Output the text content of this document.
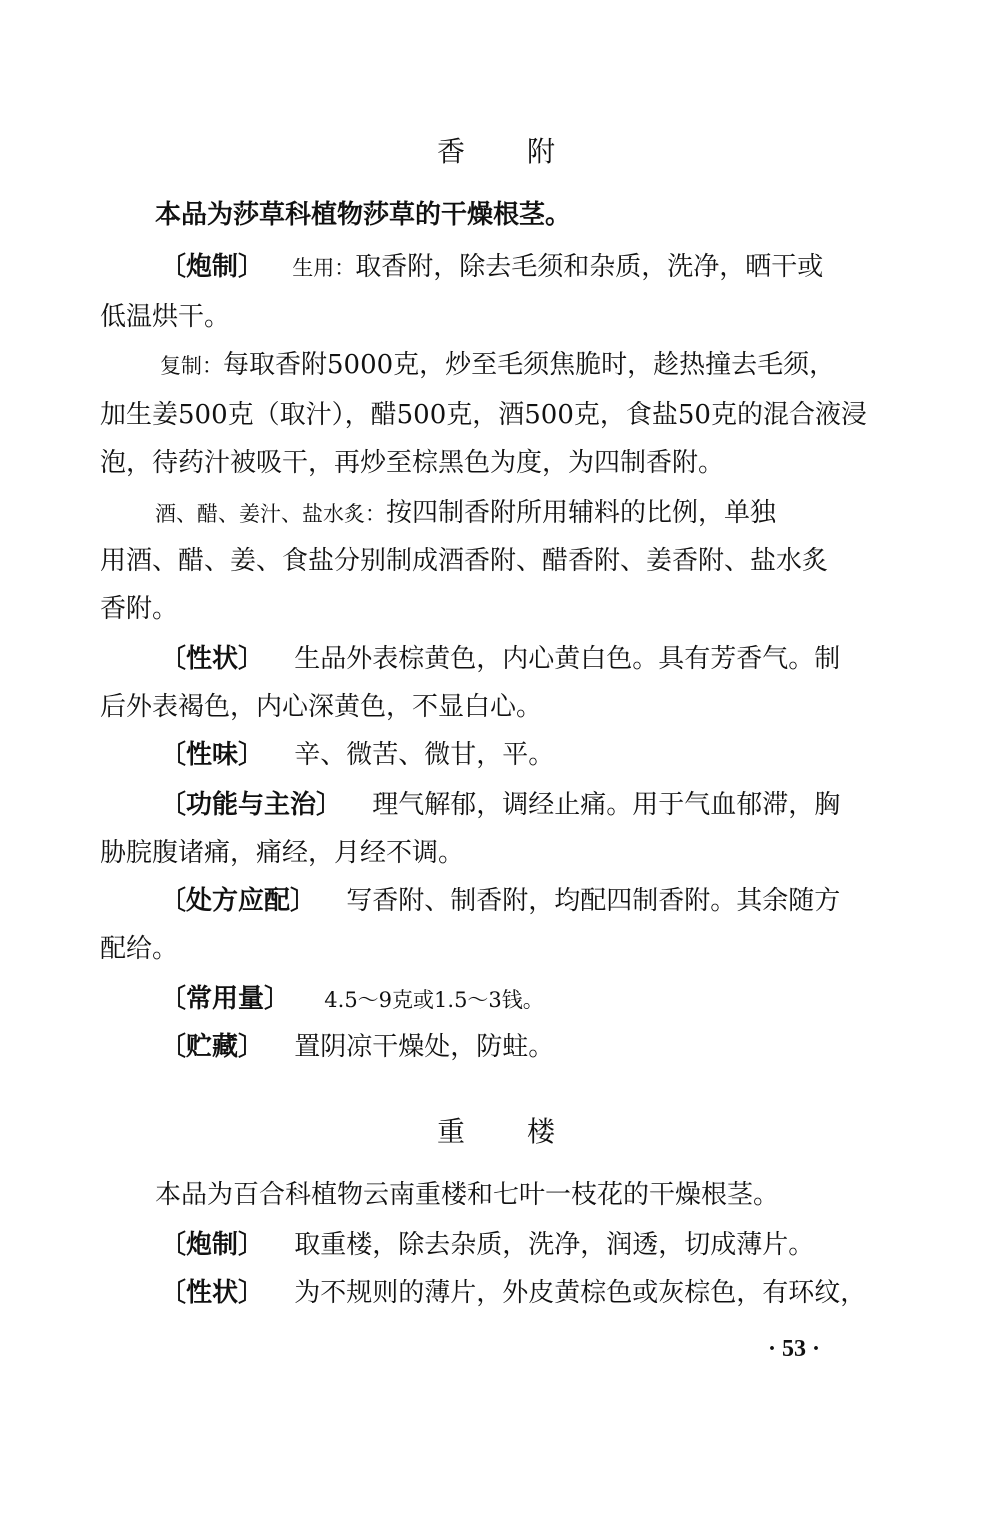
香附
本品为莎草科植物莎草的干燥根茎。
〔炮制〕 生用：取香附，除去毛须和杂质，洗净，晒干或
低温烘干。
复制：每取香附5000克，炒至毛须焦脆时，趁热撞去毛须，
加生姜500克（取汁），醋500克，酒500克，食盐50克的混合液浸
泡，待药汁被吸干，再炒至棕黑色为度，为四制香附。
酒、醋、姜汁、盐水炙：按四制香附所用辅料的比例，单独
用酒、醋、姜、食盐分别制成酒香附、醋香附、姜香附、盐水炙
香附。
〔性状〕 生品外表棕黄色，内心黄白色。具有芳香气。制
后外表褐色，内心深黄色，不显白心。
〔性味〕 辛、微苦、微甘，平。
〔功能与主治〕 理气解郁，调经止痛。用于气血郁滞，胸
胁脘腹诸痛，痛经，月经不调。
〔处方应配〕 写香附、制香附，均配四制香附。其余随方
配给。
〔常用量〕 4.5～9克或1.5～3钱。
〔贮藏〕 置阴凉干燥处，防蛀。
重楼
本品为百合科植物云南重楼和七叶一枝花的干燥根茎。
〔炮制〕 取重楼，除去杂质，洗净，润透，切成薄片。
〔性状〕 为不规则的薄片，外皮黄棕色或灰棕色，有环纹，
· 53 ·
